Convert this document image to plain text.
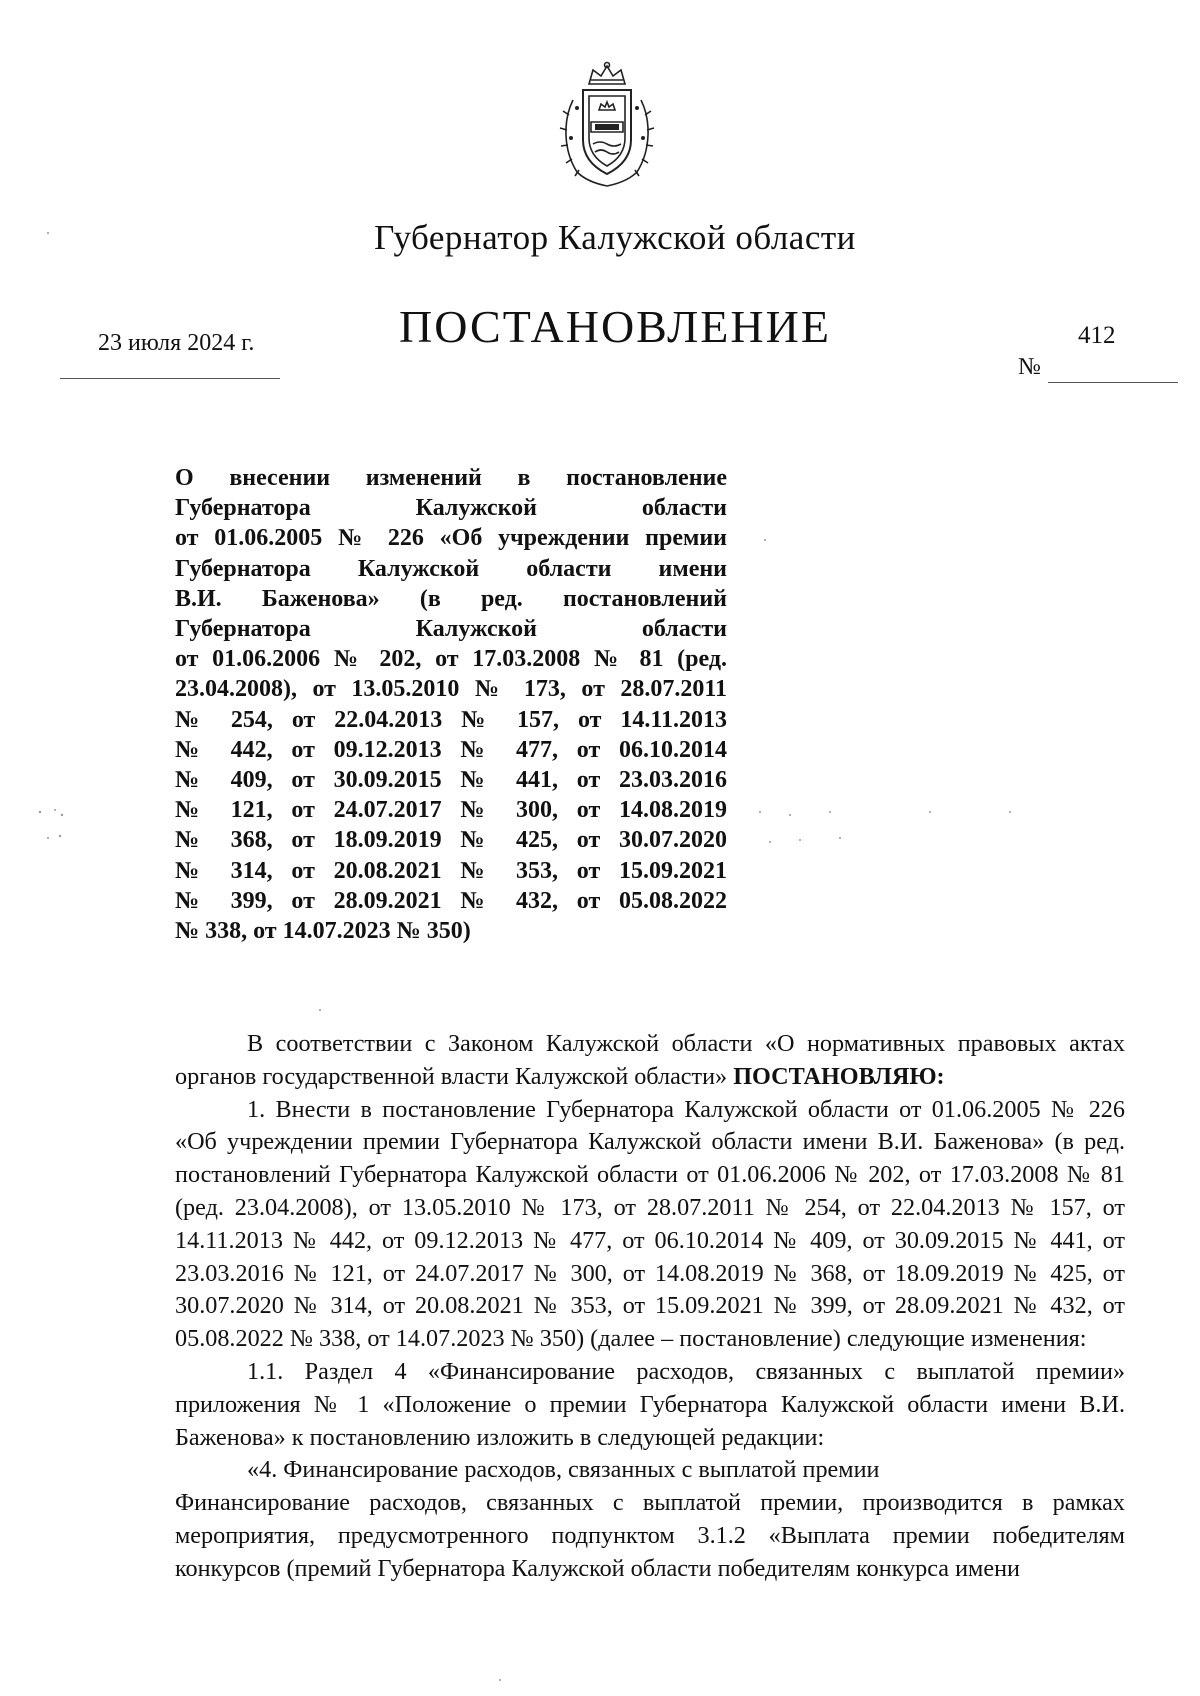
Губернатор Калужской области
ПОСТАНОВЛЕНИЕ
23 июля 2024 г.	412
№
О внесении изменений в постановление
Губернатора Калужской области
от 01.06.2005 № 226 «Об учреждении премии
Губернатора Калужской области имени
В.И. Баженова» (в ред. постановлений
Губернатора Калужской области
от 01.06.2006 № 202, от 17.03.2008 № 81 (ред.
23.04.2008), от 13.05.2010 № 173, от 28.07.2011
№ 254, от 22.04.2013 № 157, от 14.11.2013
№ 442, от 09.12.2013 № 477, от 06.10.2014
№ 409, от 30.09.2015 № 441, от 23.03.2016
№ 121, от 24.07.2017 № 300, от 14.08.2019
№ 368, от 18.09.2019 № 425, от 30.07.2020
№ 314, от 20.08.2021 № 353, от 15.09.2021
№ 399, от 28.09.2021 № 432, от 05.08.2022
№ 338, от 14.07.2023 № 350)

В соответствии с Законом Калужской области «О нормативных правовых актах органов государственной власти Калужской области» ПОСТАНОВЛЯЮ:

1. Внести в постановление Губернатора Калужской области от 01.06.2005 № 226 «Об учреждении премии Губернатора Калужской области имени В.И. Баженова» (в ред. постановлений Губернатора Калужской области от 01.06.2006 № 202, от 17.03.2008 № 81 (ред. 23.04.2008), от 13.05.2010 № 173, от 28.07.2011 № 254, от 22.04.2013 № 157, от 14.11.2013 № 442, от 09.12.2013 № 477, от 06.10.2014 № 409, от 30.09.2015 № 441, от 23.03.2016 № 121, от 24.07.2017 № 300, от 14.08.2019 № 368, от 18.09.2019 № 425, от 30.07.2020 № 314, от 20.08.2021 № 353, от 15.09.2021 № 399, от 28.09.2021 № 432, от 05.08.2022 № 338, от 14.07.2023 № 350) (далее – постановление) следующие изменения:

1.1. Раздел 4 «Финансирование расходов, связанных с выплатой премии» приложения № 1 «Положение о премии Губернатора Калужской области имени В.И. Баженова» к постановлению изложить в следующей редакции:

«4. Финансирование расходов, связанных с выплатой премии

Финансирование расходов, связанных с выплатой премии, производится в рамках мероприятия, предусмотренного подпунктом 3.1.2 «Выплата премии победителям конкурсов (премий Губернатора Калужской области победителям конкурса имени
